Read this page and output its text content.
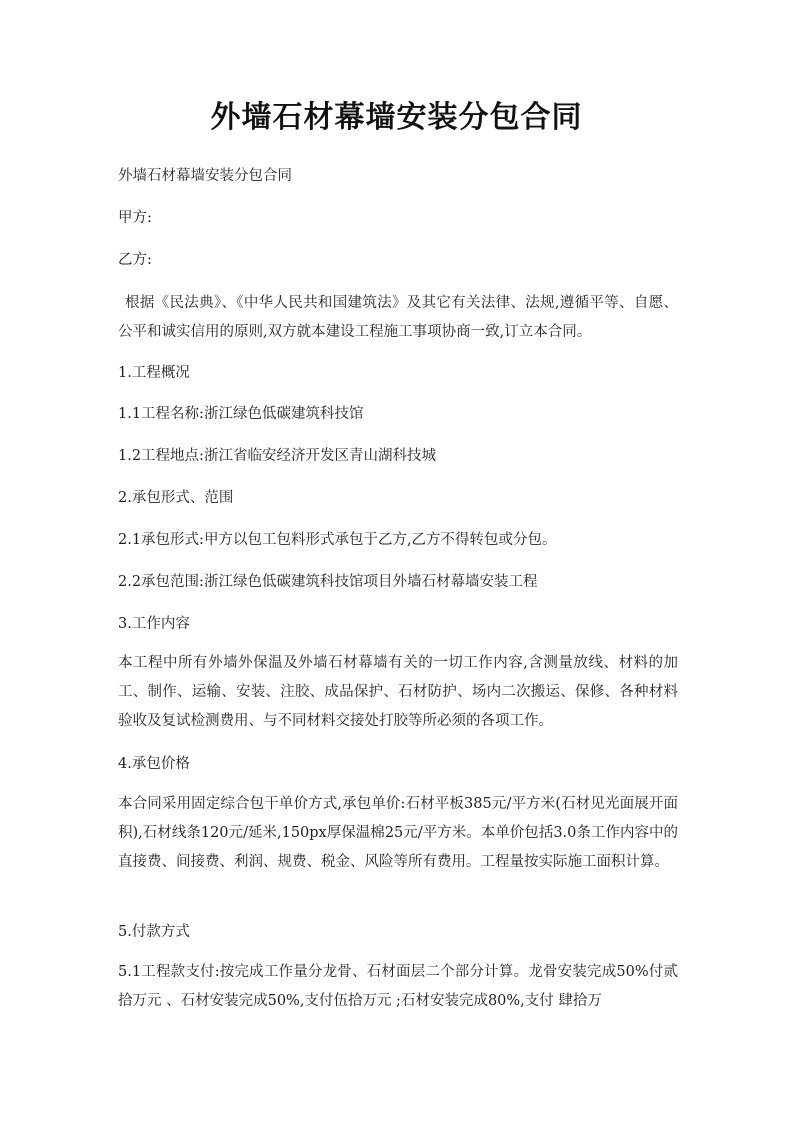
外墙石材幕墙安装分包合同
外墙石材幕墙安装分包合同
甲方:
乙方:
根据《民法典》、《中华人民共和国建筑法》及其它有关法律、法规,遵循平等、自愿、公平和诚实信用的原则,双方就本建设工程施工事项协商一致,订立本合同。
1.工程概况
1.1工程名称:浙江绿色低碳建筑科技馆
1.2工程地点:浙江省临安经济开发区青山湖科技城
2.承包形式、范围
2.1承包形式:甲方以包工包料形式承包于乙方,乙方不得转包或分包。
2.2承包范围:浙江绿色低碳建筑科技馆项目外墙石材幕墙安装工程
3.工作内容
本工程中所有外墙外保温及外墙石材幕墙有关的一切工作内容,含测量放线、材料的加工、制作、运输、安装、注胶、成品保护、石材防护、场内二次搬运、保修、各种材料验收及复试检测费用、与不同材料交接处打胶等所必须的各项工作。
4.承包价格
本合同采用固定综合包干单价方式,承包单价:石材平板385元/平方米(石材见光面展开面积),石材线条120元/延米,150px厚保温棉25元/平方米。本单价包括3.0条工作内容中的直接费、间接费、利润、规费、税金、风险等所有费用。工程量按实际施工面积计算。
5.付款方式
5.1工程款支付:按完成工作量分龙骨、石材面层二个部分计算。龙骨安装完成50%付贰拾万元 、石材安装完成50%,支付伍拾万元 ;石材安装完成80%,支付 肆拾万
